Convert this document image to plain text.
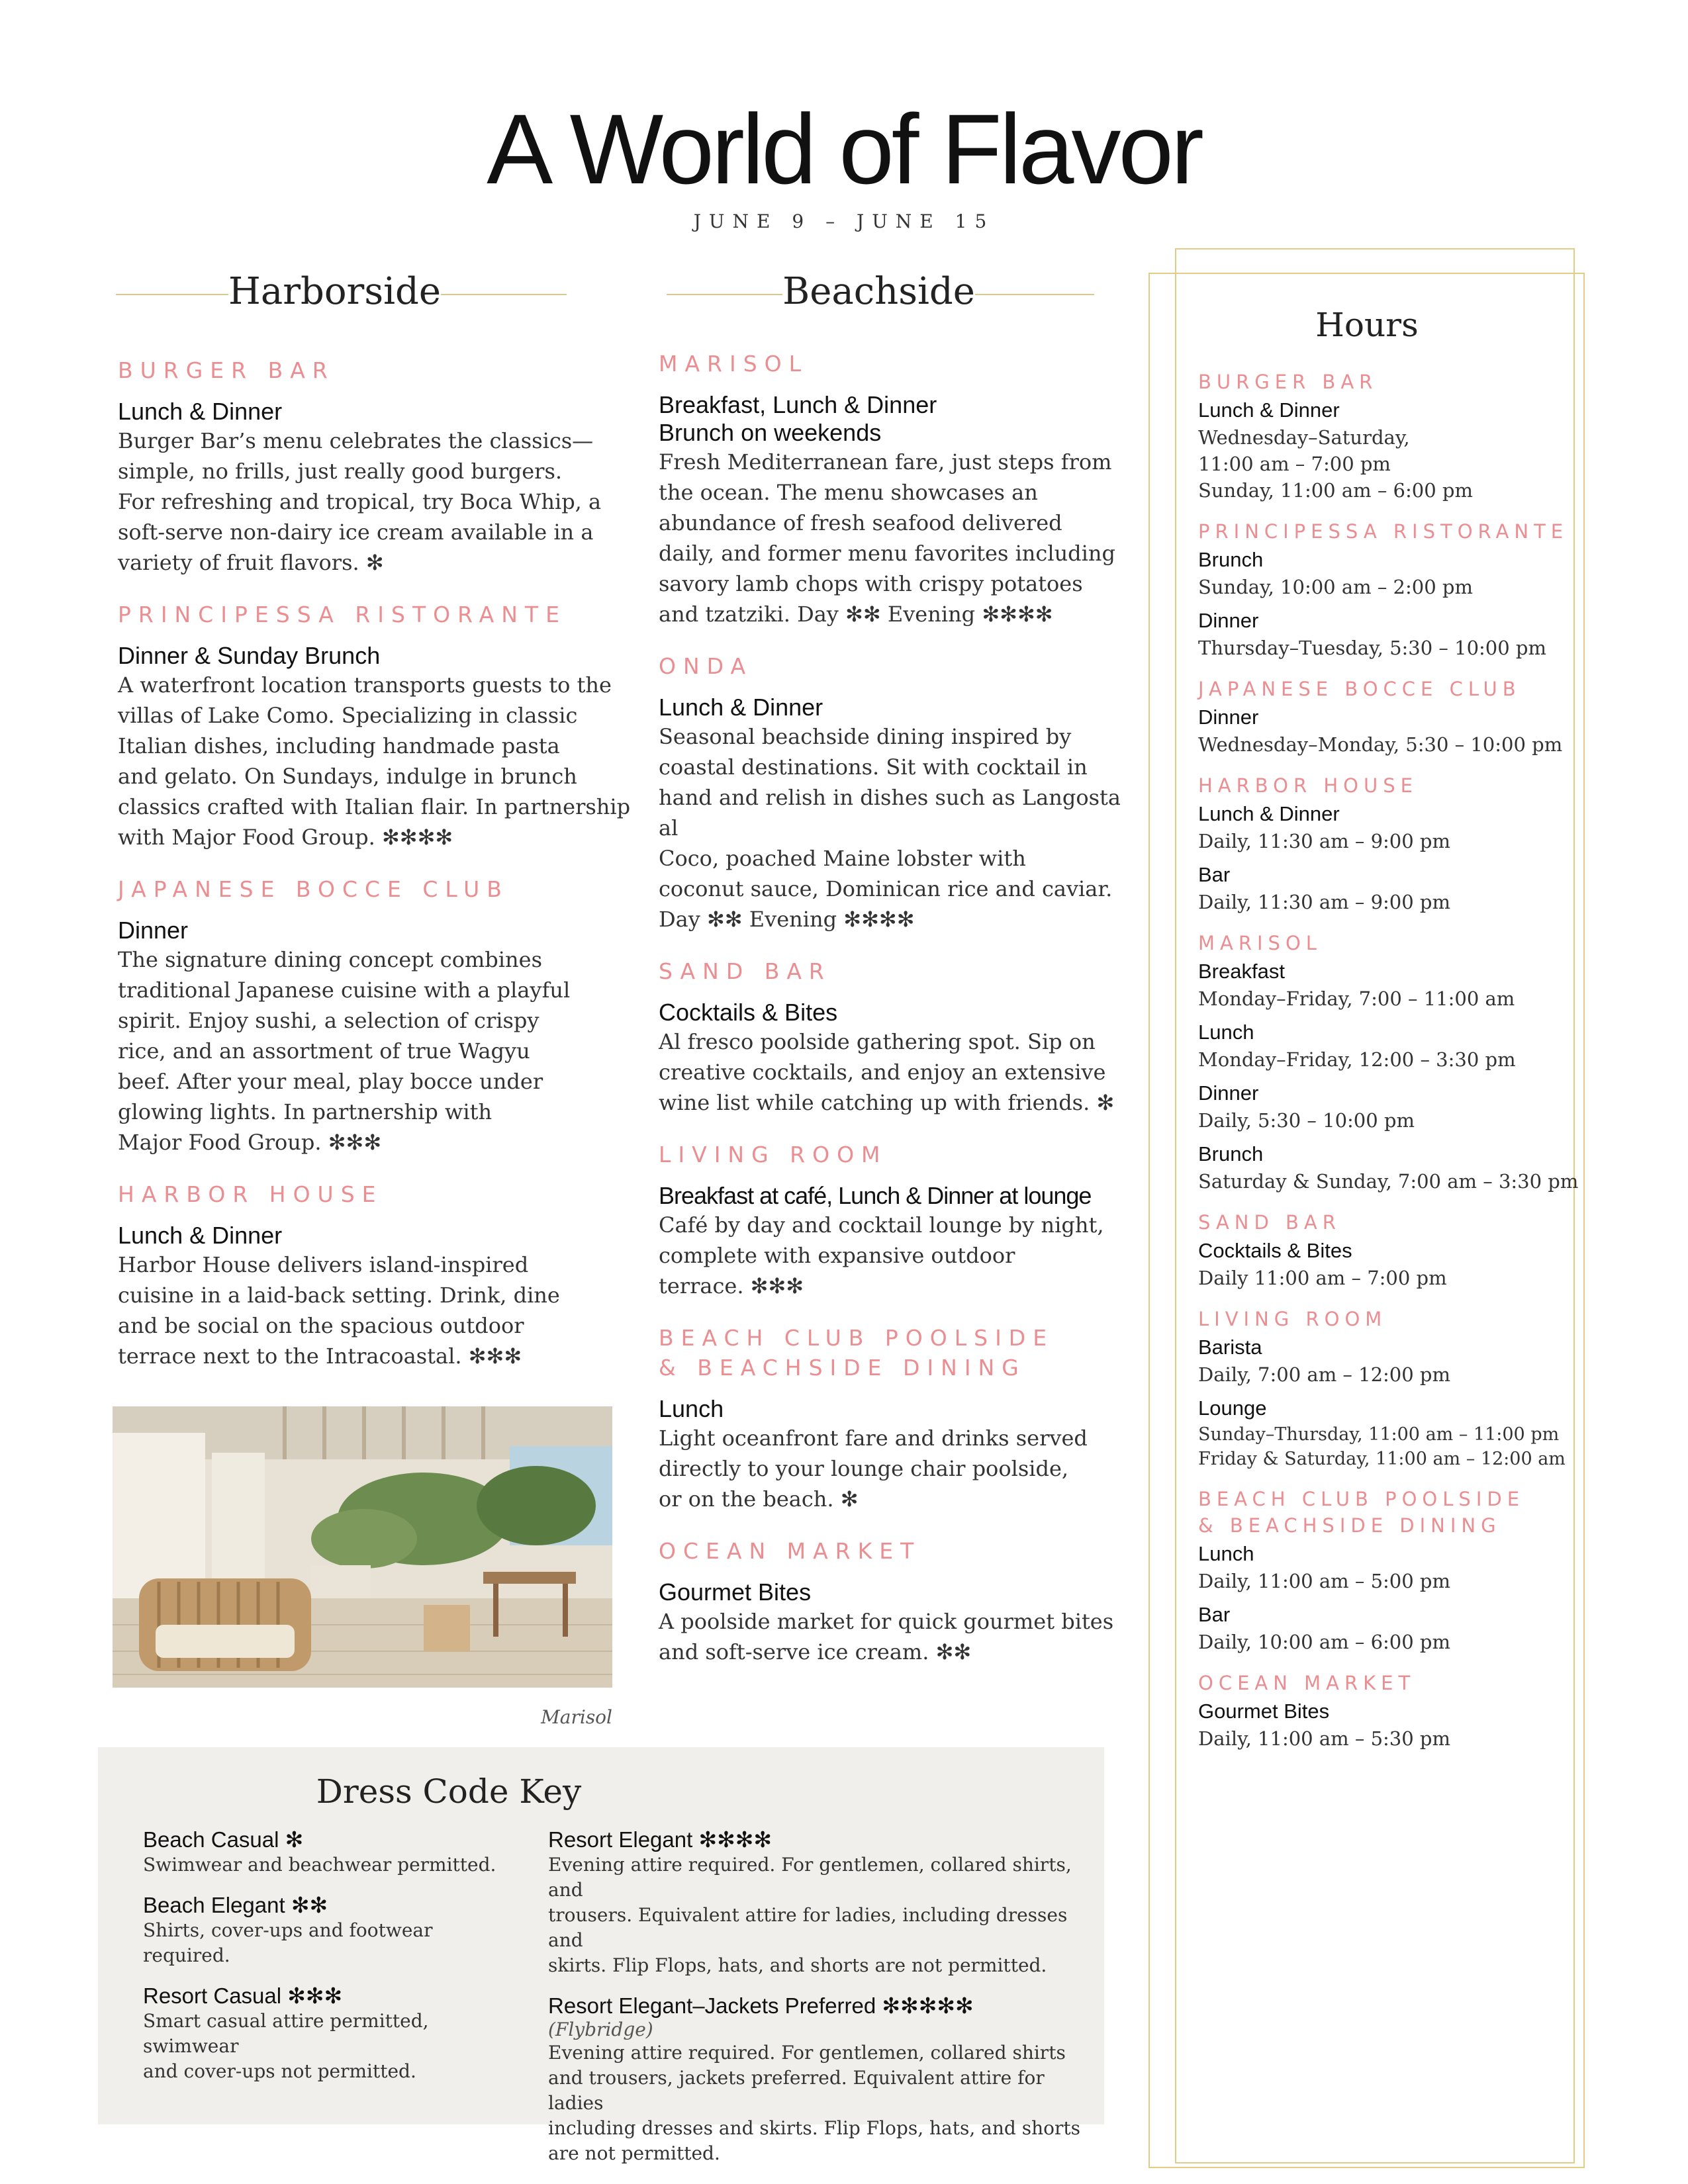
A World of Flavor
JUNE 9 – JUNE 15
Harborside	Beachside
BURGER BAR
Lunch & Dinner
Burger Bar’s menu celebrates the classics—
simple, no frills, just really good burgers.
For refreshing and tropical, try Boca Whip, a
soft-serve non-dairy ice cream available in a
variety of fruit flavors. ✻
PRINCIPESSA RISTORANTE
Dinner & Sunday Brunch
A waterfront location transports guests to the
villas of Lake Como. Specializing in classic
Italian dishes, including handmade pasta
and gelato. On Sundays, indulge in brunch
classics crafted with Italian flair. In partnership
with Major Food Group. ✻✻✻✻
JAPANESE BOCCE CLUB
Dinner
The signature dining concept combines
traditional Japanese cuisine with a playful
spirit. Enjoy sushi, a selection of crispy
rice, and an assortment of true Wagyu
beef. After your meal, play bocce under
glowing lights. In partnership with
Major Food Group. ✻✻✻
HARBOR HOUSE
Lunch & Dinner
Harbor House delivers island-inspired
cuisine in a laid-back setting. Drink, dine
and be social on the spacious outdoor
terrace next to the Intracoastal. ✻✻✻
Marisol
MARISOL
Breakfast, Lunch & Dinner
Brunch on weekends
Fresh Mediterranean fare, just steps from
the ocean. The menu showcases an
abundance of fresh seafood delivered
daily, and former menu favorites including
savory lamb chops with crispy potatoes
and tzatziki. Day ✻✻ Evening ✻✻✻✻
ONDA
Lunch & Dinner
Seasonal beachside dining inspired by
coastal destinations. Sit with cocktail in
hand and relish in dishes such as Langosta al
Coco, poached Maine lobster with
coconut sauce, Dominican rice and caviar.
Day ✻✻ Evening ✻✻✻✻
SAND BAR
Cocktails & Bites
Al fresco poolside gathering spot. Sip on
creative cocktails, and enjoy an extensive
wine list while catching up with friends. ✻
LIVING ROOM
Breakfast at café, Lunch & Dinner at lounge
Café by day and cocktail lounge by night,
complete with expansive outdoor
terrace. ✻✻✻
BEACH CLUB POOLSIDE
& BEACHSIDE DINING
Lunch
Light oceanfront fare and drinks served
directly to your lounge chair poolside,
or on the beach. ✻
OCEAN MARKET
Gourmet Bites
A poolside market for quick gourmet bites
and soft-serve ice cream. ✻✻
Hours
BURGER BAR
Lunch & Dinner
Wednesday–Saturday,
11:00 am – 7:00 pm
Sunday, 11:00 am – 6:00 pm
PRINCIPESSA RISTORANTE
Brunch
Sunday, 10:00 am – 2:00 pm
Dinner
Thursday–Tuesday, 5:30 – 10:00 pm
JAPANESE BOCCE CLUB
Dinner
Wednesday–Monday, 5:30 – 10:00 pm
HARBOR HOUSE
Lunch & Dinner
Daily, 11:30 am – 9:00 pm
Bar
Daily, 11:30 am – 9:00 pm
MARISOL
Breakfast
Monday–Friday, 7:00 – 11:00 am
Lunch
Monday–Friday, 12:00 – 3:30 pm
Dinner
Daily, 5:30 – 10:00 pm
Brunch
Saturday & Sunday, 7:00 am – 3:30 pm
SAND BAR
Cocktails & Bites
Daily 11:00 am – 7:00 pm
LIVING ROOM
Barista
Daily, 7:00 am – 12:00 pm
Lounge
Sunday–Thursday, 11:00 am – 11:00 pm
Friday & Saturday, 11:00 am – 12:00 am
BEACH CLUB POOLSIDE
& BEACHSIDE DINING
Lunch
Daily, 11:00 am – 5:00 pm
Bar
Daily, 10:00 am – 6:00 pm
OCEAN MARKET
Gourmet Bites
Daily, 11:00 am – 5:30 pm
Dress Code Key
Beach Casual ✻
Swimwear and beachwear permitted.
Beach Elegant ✻✻
Shirts, cover-ups and footwear required.
Resort Casual ✻✻✻
Smart casual attire permitted, swimwear
and cover-ups not permitted.
Resort Elegant ✻✻✻✻
Evening attire required. For gentlemen, collared shirts, and
trousers. Equivalent attire for ladies, including dresses and
skirts. Flip Flops, hats, and shorts are not permitted.
Resort Elegant–Jackets Preferred ✻✻✻✻✻
(Flybridge)
Evening attire required. For gentlemen, collared shirts
and trousers, jackets preferred. Equivalent attire for ladies
including dresses and skirts. Flip Flops, hats, and shorts
are not permitted.
